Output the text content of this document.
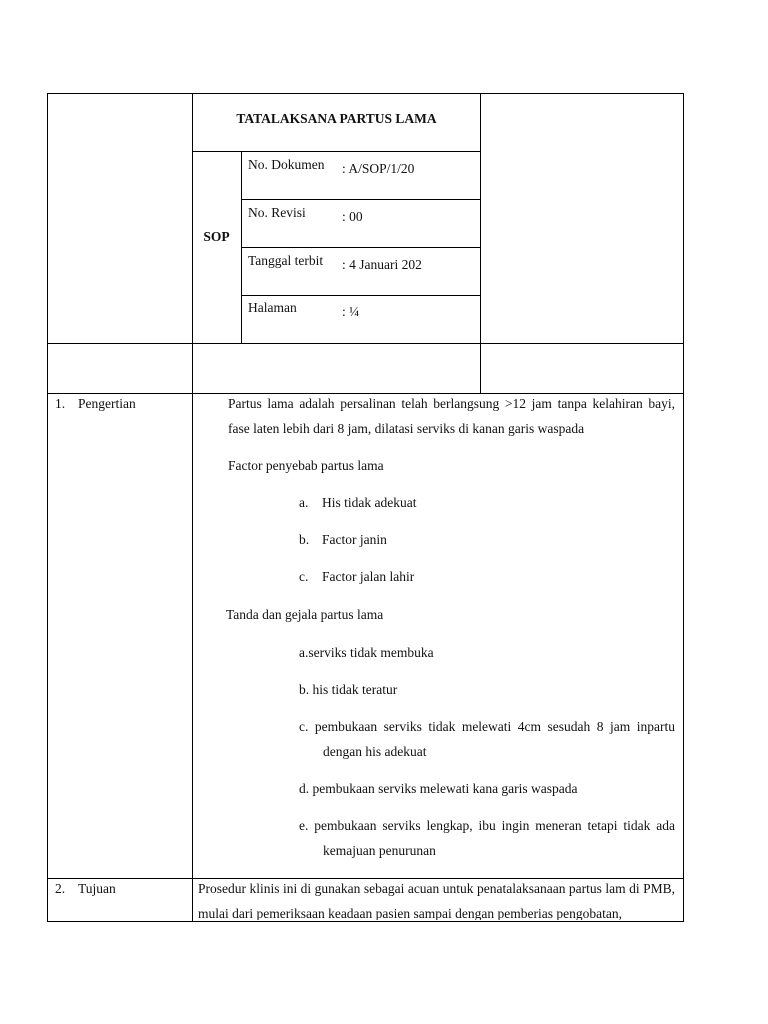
TATALAKSANA PARTUS LAMA
SOP
No. Dokumen : A/SOP/1/20
No. Revisi	: 00
Tanggal terbit : 4 Januari 202
Halaman	: ¼
1. Pengertian	Partus lama adalah persalinan telah berlangsung >12 jam tanpa kelahiran bayi, fase laten lebih dari 8 jam, dilatasi serviks di kanan garis waspada
Factor penyebab partus lama
a. His tidak adekuat
b. Factor janin
c. Factor jalan lahir
Tanda dan gejala partus lama
a.serviks tidak membuka
b. his tidak teratur
c. pembukaan serviks tidak melewati 4cm sesudah 8 jam inpartu dengan his adekuat
d. pembukaan serviks melewati kana garis waspada
e. pembukaan serviks lengkap, ibu ingin meneran tetapi tidak ada kemajuan penurunan
2. Tujuan	Prosedur klinis ini di gunakan sebagai acuan untuk penatalaksanaan partus lam di PMB, mulai dari pemeriksaan keadaan pasien sampai dengan pemberias pengobatan,
